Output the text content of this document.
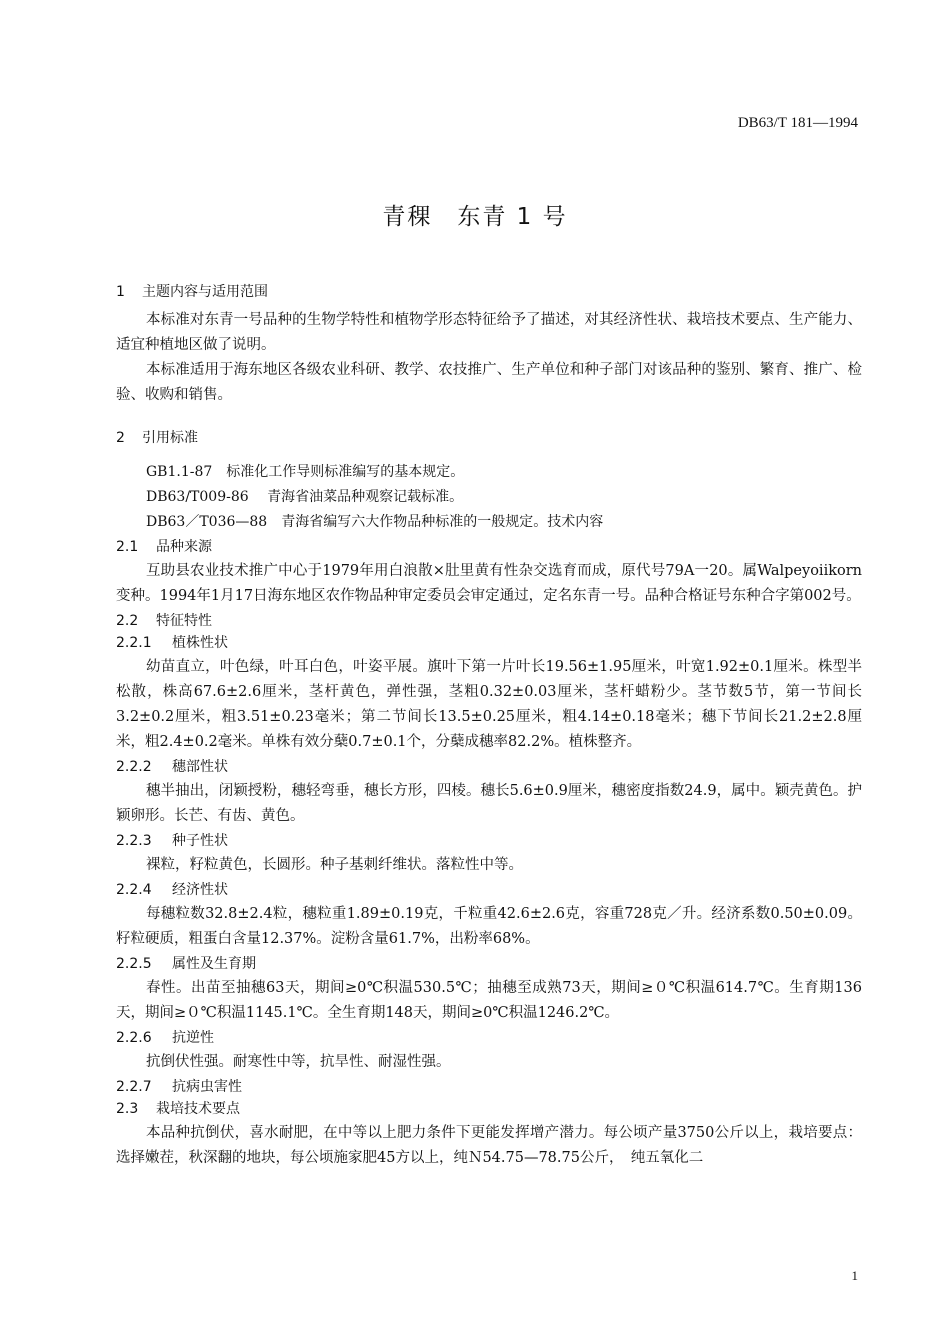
DB63/T 181—1994
青稞　东青 1 号
1 主题内容与适用范围

本标准对东青一号品种的生物学特性和植物学形态特征给予了描述，对其经济性状、栽培技术要点、生产能力、适宜种植地区做了说明。

本标准适用于海东地区各级农业科研、教学、农技推广、生产单位和种子部门对该品种的鉴别、繁育、推广、检验、收购和销售。

2 引用标准

GB1.1-87　标准化工作导则标准编写的基本规定。

DB63/T009-86　 青海省油菜品种观察记载标准。

DB63／T036—88　青海省编写六大作物品种标准的一般规定。技术内容

2.1 品种来源

互助县农业技术推广中心于1979年用白浪散×肚里黄有性杂交选育而成，原代号79A一20。属Walpeyoiikorn变种。1994年1月17日海东地区农作物品种审定委员会审定通过，定名东青一号。品种合格证号东种合字第002号。

2.2 特征特性
2.2.1 植株性状

幼苗直立，叶色绿，叶耳白色，叶姿平展。旗叶下第一片叶长19.56±1.95厘米，叶宽1.92±0.1厘米。株型半松散，株高67.6±2.6厘米，茎杆黄色，弹性强，茎粗0.32±0.03厘米，茎杆蜡粉少。茎节数5节，第一节间长3.2±0.2厘米，粗3.51±0.23毫米；第二节间长13.5±0.25厘米，粗4.14±0.18毫米；穗下节间长21.2±2.8厘米，粗2.4±0.2毫米。单株有效分蘖0.7±0.1个，分蘖成穗率82.2%。植株整齐。

2.2.2 穗部性状

穗半抽出，闭颖授粉，穗轻弯垂，穗长方形，四棱。穗长5.6±0.9厘米，穗密度指数24.9，属中。颖壳黄色。护颖卵形。长芒、有齿、黄色。

2.2.3 种子性状

裸粒，籽粒黄色，长圆形。种子基刺纤维状。落粒性中等。

2.2.4 经济性状

每穗粒数32.8±2.4粒，穗粒重1.89±0.19克，千粒重42.6±2.6克，容重728克／升。经济系数0.50±0.09。籽粒硬质，粗蛋白含量12.37%。淀粉含量61.7%，出粉率68%。

2.2.5 属性及生育期

春性。出苗至抽穗63天，期间≥0℃积温530.5℃；抽穗至成熟73天，期间≥０℃积温614.7℃。生育期136天，期间≥０℃积温1145.1℃。全生育期148天，期间≥0℃积温1246.2℃。

2.2.6 抗逆性

抗倒伏性强。耐寒性中等，抗旱性、耐湿性强。

2.2.7 抗病虫害性
2.3 栽培技术要点

本品种抗倒伏，喜水耐肥，在中等以上肥力条件下更能发挥增产潜力。每公顷产量3750公斤以上，栽培要点：选择嫩茬，秋深翻的地块，每公顷施家肥45方以上，纯Ｎ54.75—78.75公斤，　纯五氧化二

1
